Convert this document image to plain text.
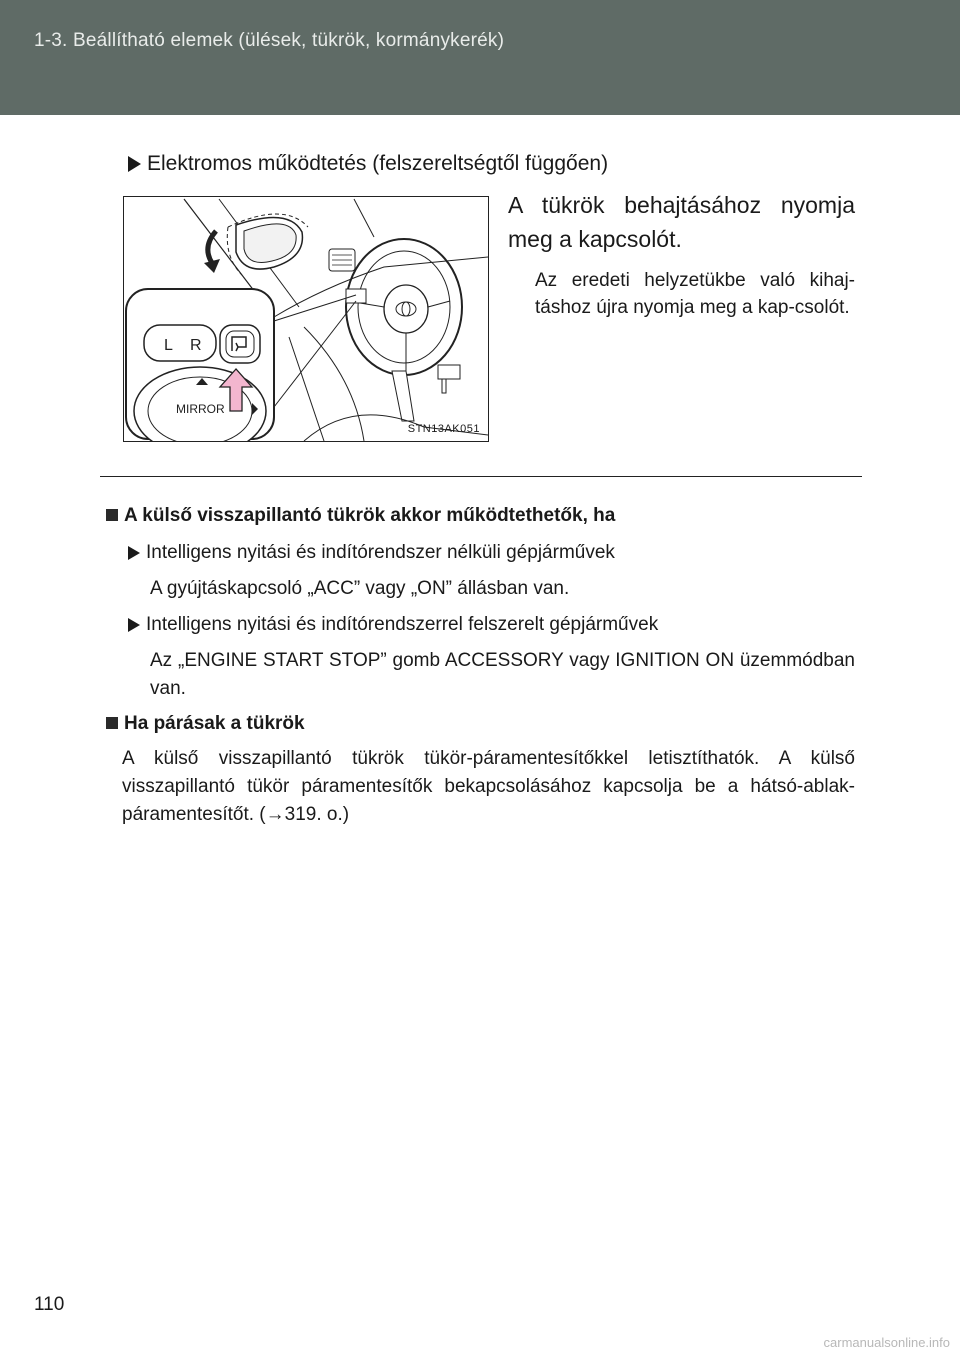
1-3. Beállítható elemek (ülések, tükrök, kormánykerék)
Elektromos működtetés (felszereltségtől függően)
L R
MIRROR
STN13AK051
A tükrök behajtásához nyomja meg a kapcsolót.
Az eredeti helyzetükbe való kihaj-táshoz újra nyomja meg a kap-csolót.
A külső visszapillantó tükrök akkor működtethetők, ha
Intelligens nyitási és indítórendszer nélküli gépjárművek
A gyújtáskapcsoló „ACC” vagy „ON” állásban van.
Intelligens nyitási és indítórendszerrel felszerelt gépjárművek
Az „ENGINE START STOP” gomb ACCESSORY vagy IGNITION ON üzemmódban van.
Ha párásak a tükrök
A külső visszapillantó tükrök tükör-páramentesítőkkel letisztíthatók. A külső visszapillantó tükör páramentesítők bekapcsolásához kapcsolja be a hátsó-ablak-páramentesítőt. (→319. o.)
110
carmanualsonline.info
